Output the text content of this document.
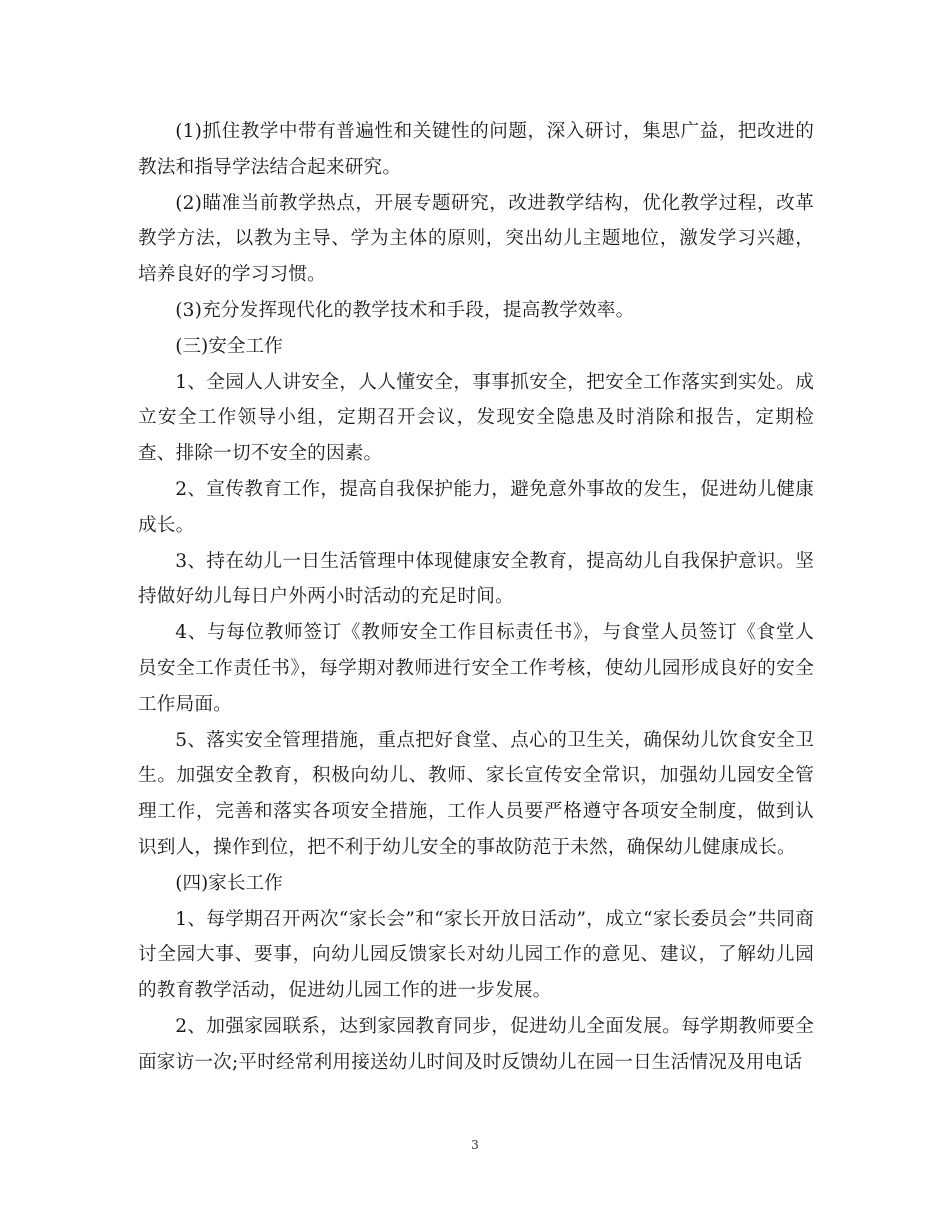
(1)抓住教学中带有普遍性和关键性的问题，深入研讨，集思广益，把改进的教法和指导学法结合起来研究。

(2)瞄准当前教学热点，开展专题研究，改进教学结构，优化教学过程，改革教学方法，以教为主导、学为主体的原则，突出幼儿主题地位，激发学习兴趣，培养良好的学习习惯。

(3)充分发挥现代化的教学技术和手段，提高教学效率。

(三)安全工作

1、全园人人讲安全，人人懂安全，事事抓安全，把安全工作落实到实处。成立安全工作领导小组，定期召开会议，发现安全隐患及时消除和报告，定期检查、排除一切不安全的因素。

2、宣传教育工作，提高自我保护能力，避免意外事故的发生，促进幼儿健康成长。

3、持在幼儿一日生活管理中体现健康安全教育，提高幼儿自我保护意识。坚持做好幼儿每日户外两小时活动的充足时间。

4、与每位教师签订《教师安全工作目标责任书》，与食堂人员签订《食堂人员安全工作责任书》，每学期对教师进行安全工作考核，使幼儿园形成良好的安全工作局面。

5、落实安全管理措施，重点把好食堂、点心的卫生关，确保幼儿饮食安全卫生。加强安全教育，积极向幼儿、教师、家长宣传安全常识，加强幼儿园安全管理工作，完善和落实各项安全措施，工作人员要严格遵守各项安全制度，做到认识到人，操作到位，把不利于幼儿安全的事故防范于未然，确保幼儿健康成长。

(四)家长工作

1、每学期召开两次“家长会”和“家长开放日活动”，成立“家长委员会”共同商讨全园大事、要事，向幼儿园反馈家长对幼儿园工作的意见、建议，了解幼儿园的教育教学活动，促进幼儿园工作的进一步发展。

2、加强家园联系，达到家园教育同步，促进幼儿全面发展。每学期教师要全面家访一次;平时经常利用接送幼儿时间及时反馈幼儿在园一日生活情况及用电话

3
